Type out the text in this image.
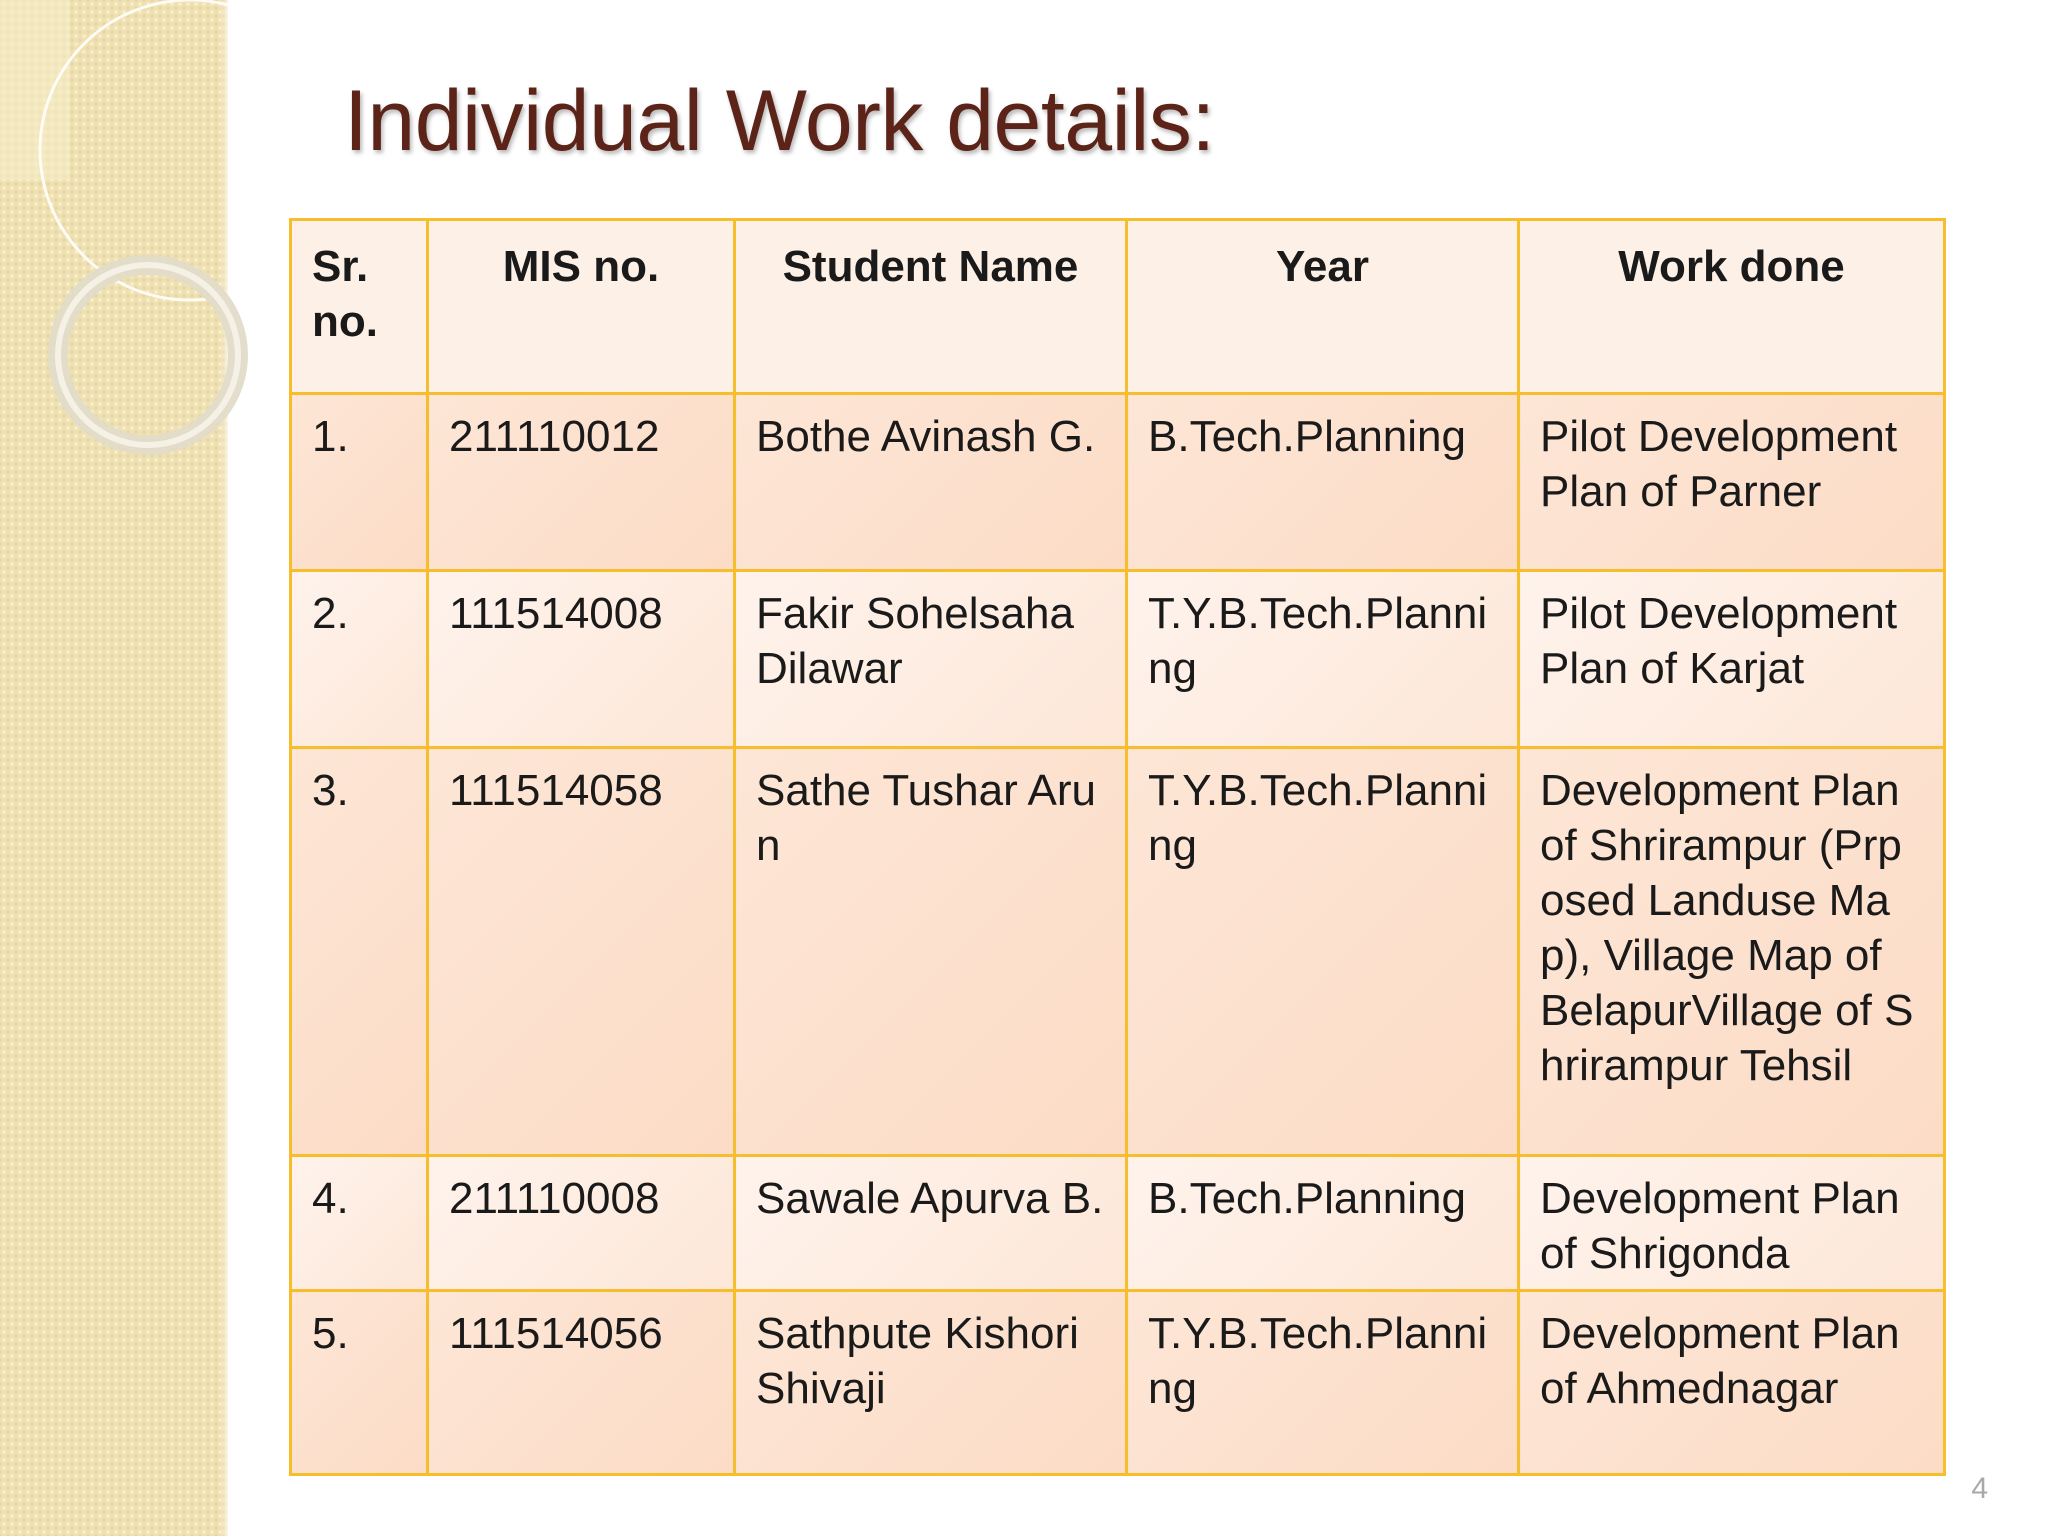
Individual Work details:
Sr. no.	MIS no.	Student Name	Year	Work done
1.	211110012	Bothe Avinash G.	B.Tech.Planning	Pilot Development Plan of Parner
2.	111514008	Fakir Sohelsaha Dilawar	T.Y.B.Tech.Planning	Pilot Development Plan of Karjat
3.	111514058	Sathe Tushar Arun	T.Y.B.Tech.Planning	Development Plan of Shrirampur (Prposed Landuse Map), Village Map of BelapurVillage of Shrirampur Tehsil
4.	211110008	Sawale Apurva B.	B.Tech.Planning	Development Plan of Shrigonda
5.	111514056	Sathpute Kishori Shivaji	T.Y.B.Tech.Planning	Development Plan of Ahmednagar
4
